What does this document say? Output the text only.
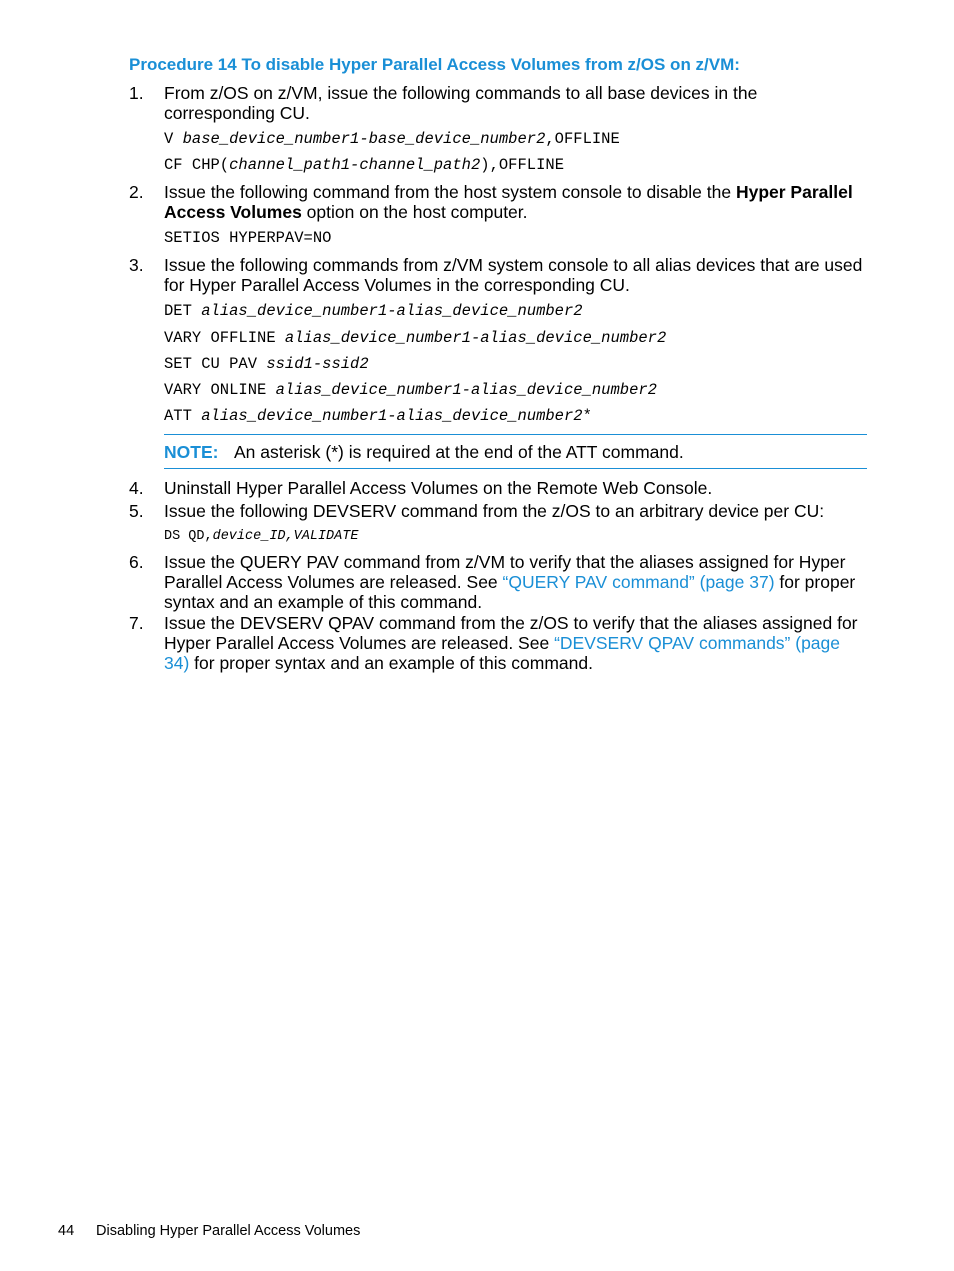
Procedure 14 To disable Hyper Parallel Access Volumes from z/OS on z/VM:
1. From z/OS on z/VM, issue the following commands to all base devices in the corresponding CU.
V base_device_number1-base_device_number2,OFFLINE
CF CHP(channel_path1-channel_path2),OFFLINE
2. Issue the following command from the host system console to disable the Hyper Parallel Access Volumes option on the host computer.
SETIOS HYPERPAV=NO
3. Issue the following commands from z/VM system console to all alias devices that are used for Hyper Parallel Access Volumes in the corresponding CU.
DET alias_device_number1-alias_device_number2
VARY OFFLINE alias_device_number1-alias_device_number2
SET CU PAV ssid1-ssid2
VARY ONLINE alias_device_number1-alias_device_number2
ATT alias_device_number1-alias_device_number2*
NOTE: An asterisk (*) is required at the end of the ATT command.
4. Uninstall Hyper Parallel Access Volumes on the Remote Web Console.
5. Issue the following DEVSERV command from the z/OS to an arbitrary device per CU:
DS QD,device_ID,VALIDATE
6. Issue the QUERY PAV command from z/VM to verify that the aliases assigned for Hyper Parallel Access Volumes are released. See “QUERY PAV command” (page 37) for proper syntax and an example of this command.
7. Issue the DEVSERV QPAV command from the z/OS to verify that the aliases assigned for Hyper Parallel Access Volumes are released. See “DEVSERV QPAV commands” (page 34) for proper syntax and an example of this command.
44 Disabling Hyper Parallel Access Volumes
